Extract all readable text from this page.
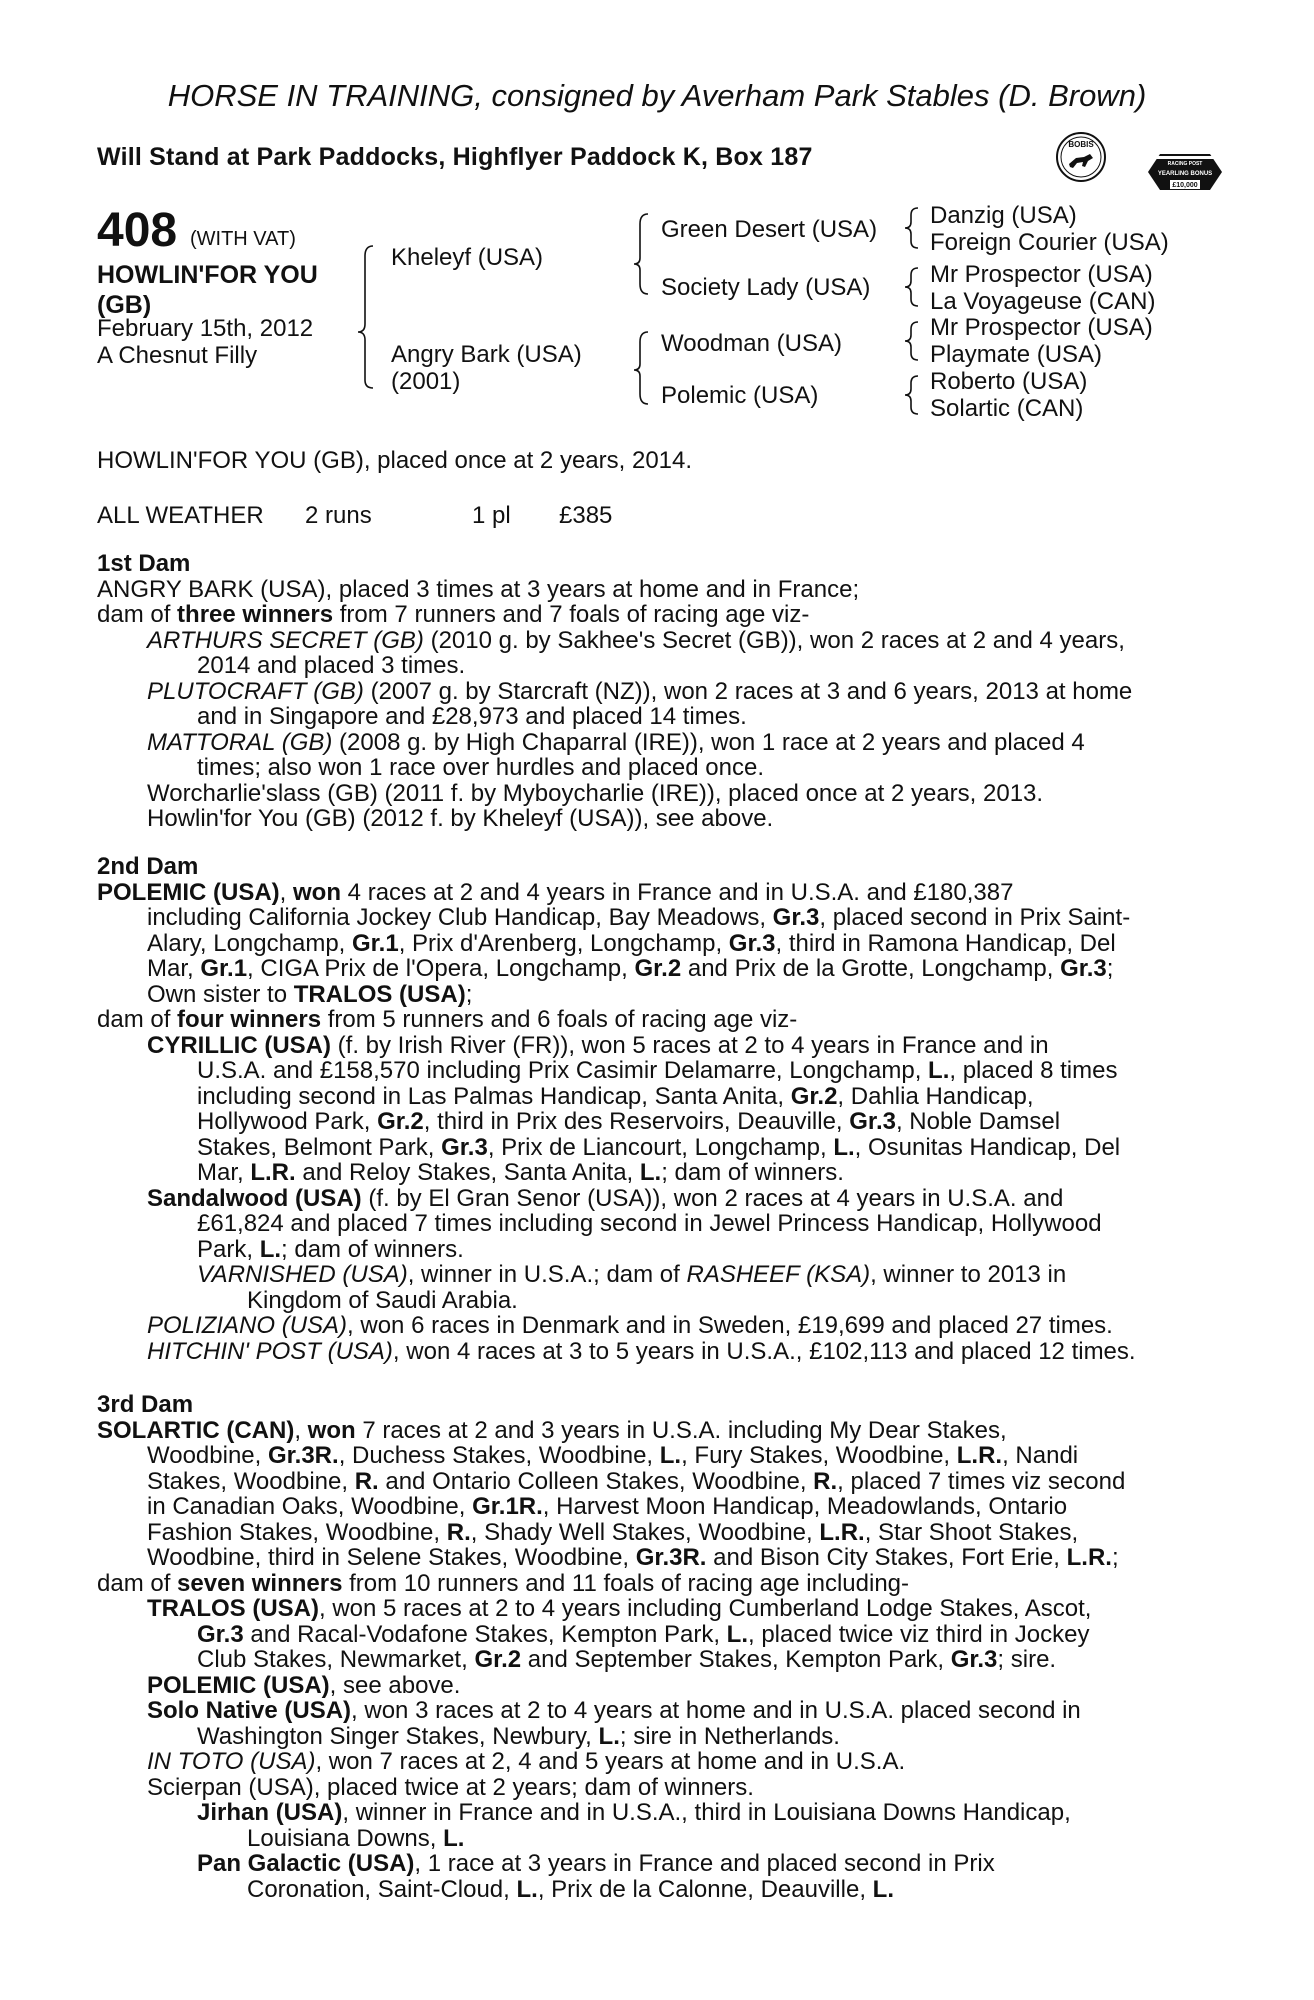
HORSE IN TRAINING, consigned by Averham Park Stables (D. Brown)
Will Stand at Park Paddocks, Highflyer Paddock K, Box 187	BOBIS
RACING POST
YEARLING BONUS
£10,000
408 (WITH VAT)
HOWLIN'FOR YOU (GB)
February 15th, 2012
A Chesnut Filly
Kheleyf (USA)
Angry Bark (USA)
(2001)
Green Desert (USA)
Society Lady (USA)
Woodman (USA)
Polemic (USA)
Danzig (USA)
Foreign Courier (USA)
Mr Prospector (USA)
La Voyageuse (CAN)
Mr Prospector (USA)
Playmate (USA)
Roberto (USA)
Solartic (CAN)
HOWLIN'FOR YOU (GB), placed once at 2 years, 2014.
ALL WEATHER 2 runs	1 pl £385
1st Dam
ANGRY BARK (USA), placed 3 times at 3 years at home and in France;
dam of three winners from 7 runners and 7 foals of racing age viz-
ARTHURS SECRET (GB) (2010 g. by Sakhee's Secret (GB)), won 2 races at 2 and 4 years,
2014 and placed 3 times.
PLUTOCRAFT (GB) (2007 g. by Starcraft (NZ)), won 2 races at 3 and 6 years, 2013 at home
and in Singapore and £28,973 and placed 14 times.
MATTORAL (GB) (2008 g. by High Chaparral (IRE)), won 1 race at 2 years and placed 4
times; also won 1 race over hurdles and placed once.
Worcharlie'slass (GB) (2011 f. by Myboycharlie (IRE)), placed once at 2 years, 2013.
Howlin'for You (GB) (2012 f. by Kheleyf (USA)), see above.
2nd Dam
POLEMIC (USA), won 4 races at 2 and 4 years in France and in U.S.A. and £180,387
including California Jockey Club Handicap, Bay Meadows, Gr.3, placed second in Prix Saint-
Alary, Longchamp, Gr.1, Prix d'Arenberg, Longchamp, Gr.3, third in Ramona Handicap, Del
Mar, Gr.1, CIGA Prix de l'Opera, Longchamp, Gr.2 and Prix de la Grotte, Longchamp, Gr.3;
Own sister to TRALOS (USA);
dam of four winners from 5 runners and 6 foals of racing age viz-
CYRILLIC (USA) (f. by Irish River (FR)), won 5 races at 2 to 4 years in France and in
U.S.A. and £158,570 including Prix Casimir Delamarre, Longchamp, L., placed 8 times
including second in Las Palmas Handicap, Santa Anita, Gr.2, Dahlia Handicap,
Hollywood Park, Gr.2, third in Prix des Reservoirs, Deauville, Gr.3, Noble Damsel
Stakes, Belmont Park, Gr.3, Prix de Liancourt, Longchamp, L., Osunitas Handicap, Del
Mar, L.R. and Reloy Stakes, Santa Anita, L.; dam of winners.
Sandalwood (USA) (f. by El Gran Senor (USA)), won 2 races at 4 years in U.S.A. and
£61,824 and placed 7 times including second in Jewel Princess Handicap, Hollywood
Park, L.; dam of winners.
VARNISHED (USA), winner in U.S.A.; dam of RASHEEF (KSA), winner to 2013 in
Kingdom of Saudi Arabia.
POLIZIANO (USA), won 6 races in Denmark and in Sweden, £19,699 and placed 27 times.
HITCHIN' POST (USA), won 4 races at 3 to 5 years in U.S.A., £102,113 and placed 12 times.
3rd Dam
SOLARTIC (CAN), won 7 races at 2 and 3 years in U.S.A. including My Dear Stakes,
Woodbine, Gr.3R., Duchess Stakes, Woodbine, L., Fury Stakes, Woodbine, L.R., Nandi
Stakes, Woodbine, R. and Ontario Colleen Stakes, Woodbine, R., placed 7 times viz second
in Canadian Oaks, Woodbine, Gr.1R., Harvest Moon Handicap, Meadowlands, Ontario
Fashion Stakes, Woodbine, R., Shady Well Stakes, Woodbine, L.R., Star Shoot Stakes,
Woodbine, third in Selene Stakes, Woodbine, Gr.3R. and Bison City Stakes, Fort Erie, L.R.;
dam of seven winners from 10 runners and 11 foals of racing age including-
TRALOS (USA), won 5 races at 2 to 4 years including Cumberland Lodge Stakes, Ascot,
Gr.3 and Racal-Vodafone Stakes, Kempton Park, L., placed twice viz third in Jockey
Club Stakes, Newmarket, Gr.2 and September Stakes, Kempton Park, Gr.3; sire.
POLEMIC (USA), see above.
Solo Native (USA), won 3 races at 2 to 4 years at home and in U.S.A. placed second in
Washington Singer Stakes, Newbury, L.; sire in Netherlands.
IN TOTO (USA), won 7 races at 2, 4 and 5 years at home and in U.S.A.
Scierpan (USA), placed twice at 2 years; dam of winners.
Jirhan (USA), winner in France and in U.S.A., third in Louisiana Downs Handicap,
Louisiana Downs, L.
Pan Galactic (USA), 1 race at 3 years in France and placed second in Prix
Coronation, Saint-Cloud, L., Prix de la Calonne, Deauville, L.
